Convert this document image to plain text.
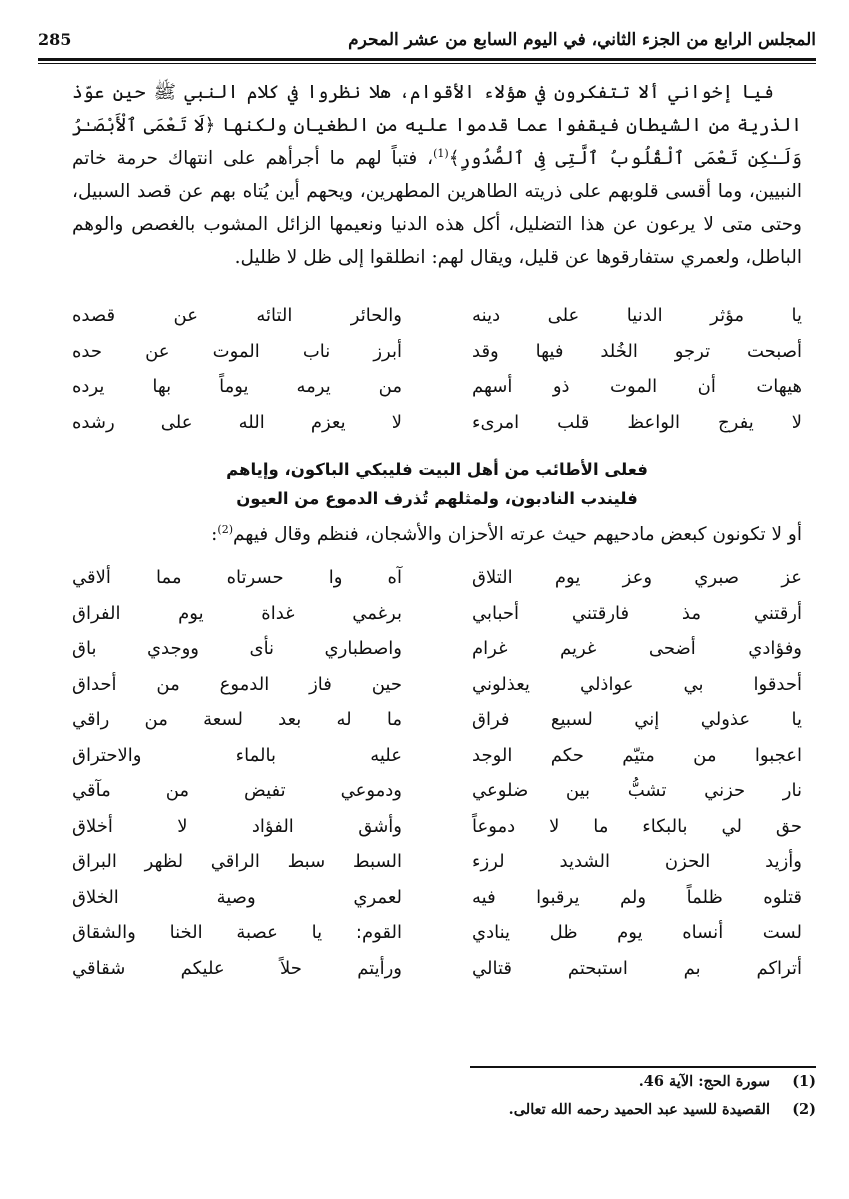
المجلس الرابع من الجزء الثاني، في اليوم السابع من عشر المحرم
285

فيا إخواني ألا تتفكرون في هؤلاء الأقوام، هلا نظروا في كلام النبي ﷺ حين عوّذ الذرية من الشيطان فيقفوا عما قدموا عليه من الطغيان ولكنها ﴿لَا تَعْمَى ٱلْأَبْصَـٰرُ وَلَـٰكِن تَعْمَى ٱلْقُلُوبُ ٱلَّتِى فِى ٱلصُّدُورِ﴾$^{(1)}$، فتباً لهم ما أجرأهم على انتهاك حرمة خاتم النبيين، وما أقسى قلوبهم على ذريته الطاهرين المطهرين، ويحهم أين يُتاه بهم عن قصد السبيل، وحتى متى لا يرعون عن هذا التضليل، أكل هذه الدنيا ونعيمها الزائل المشوب بالغصص والوهم الباطل، ولعمري ستفارقوها عن قليل، ويقال لهم: انطلقوا إلى ظل لا ظليل.

يا مؤثر الدنيا على دينه
والحائر التائه عن قصده
أصبحت ترجو الخُلد فيها وقد
أبرز ناب الموت عن حده
هيهات أن الموت ذو أسهم
من يرمه يوماً بها يرده
لا يفرج الواعظ قلب امرىء
لا يعزم الله على رشده
فعلى الأطائب من أهل البيت فليبكي الباكون، وإياهم
فليندب النادبون، ولمثلهم تُذرف الدموع من العيون

أو لا تكونون كبعض مادحيهم حيث عرته الأحزان والأشجان، فنظم وقال فيهم$^{(2)}$:

عز صبري وعز يوم التلاق
آه وا حسرتاه مما ألاقي
أرقتني مذ فارقتني أحبابي
برغمي غداة يوم الفراق
وفؤادي أضحى غريم غرام
واصطباري نأى ووجدي باق
أحدقوا بي عواذلي يعذلوني
حين فاز الدموع من أحداق
يا عذولي إني لسبيع فراق
ما له بعد لسعة من راقي
اعجبوا من متيّم حكم الوجد
عليه بالماء والاحتراق
نار حزني تشبُّ بين ضلوعي
ودموعي تفيض من مآقي
حق لي بالبكاء ما لا دموعاً
وأشق الفؤاد لا أخلاق
وأزيد الحزن الشديد لرزء
السبط سبط الراقي لظهر البراق
قتلوه ظلماً ولم يرقبوا فيه
لعمري وصية الخلاق
لست أنساه يوم ظل ينادي
القوم: يا عصبة الخنا والشقاق
أتراكم بم استبحتم قتالي
ورأيتم حلاً عليكم شقاقي
(1)سورة الحج: الآية 46.
(2)القصيدة للسيد عبد الحميد رحمه الله تعالى.
